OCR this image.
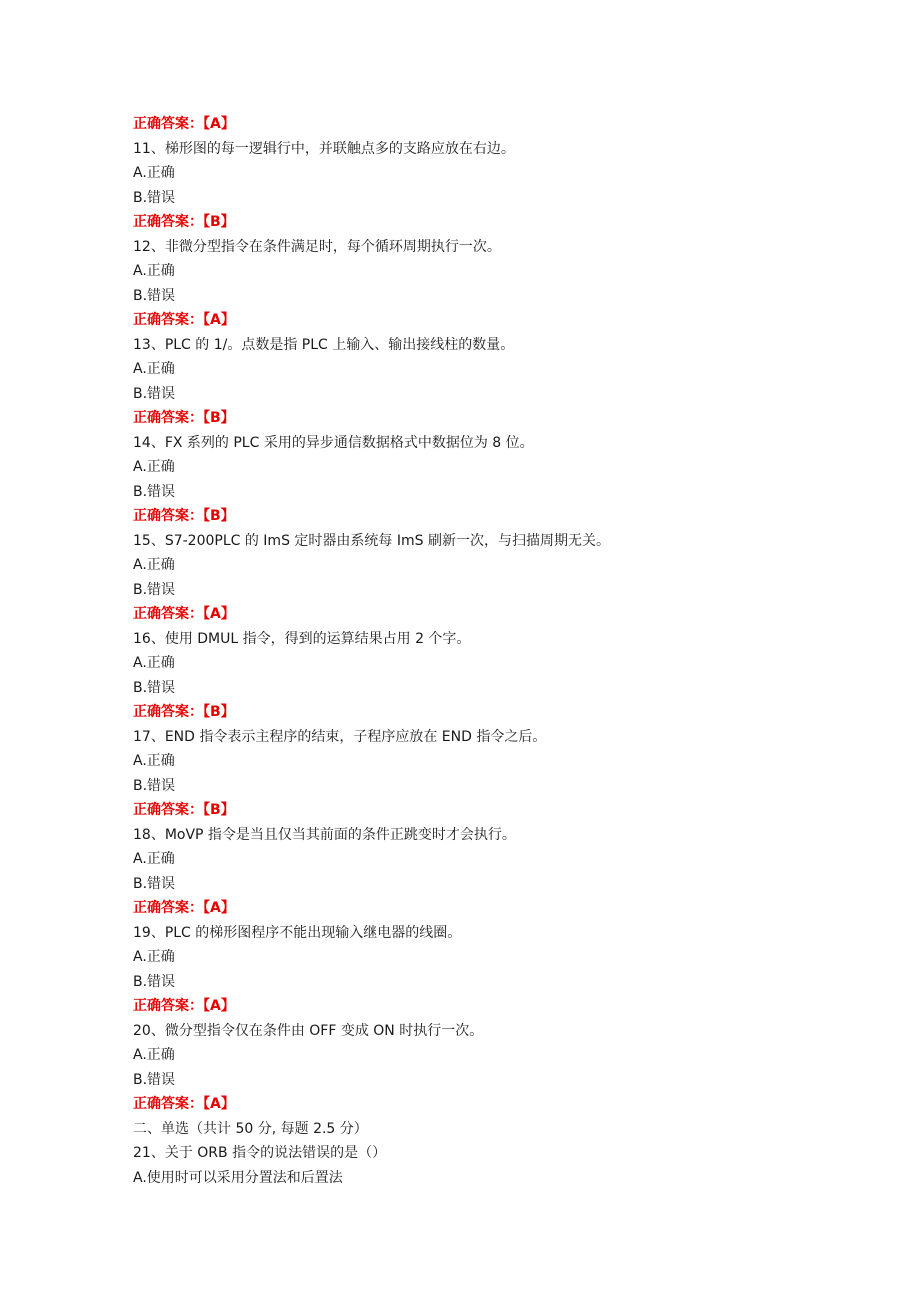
正确答案：【A】
11、梯形图的每一逻辑行中，并联触点多的支路应放在右边。
A.正确
B.错误
正确答案：【B】
12、非微分型指令在条件满足时，每个循环周期执行一次。
A.正确
B.错误
正确答案：【A】
13、PLC 的 1/。点数是指 PLC 上输入、输出接线柱的数量。
A.正确
B.错误
正确答案：【B】
14、FX 系列的 PLC 采用的异步通信数据格式中数据位为 8 位。
A.正确
B.错误
正确答案：【B】
15、S7-200PLC 的 ImS 定时器由系统每 ImS 刷新一次，与扫描周期无关。
A.正确
B.错误
正确答案：【A】
16、使用 DMUL 指令，得到的运算结果占用 2 个字。
A.正确
B.错误
正确答案：【B】
17、END 指令表示主程序的结束，子程序应放在 END 指令之后。
A.正确
B.错误
正确答案：【B】
18、MoVP 指令是当且仅当其前面的条件正跳变时才会执行。
A.正确
B.错误
正确答案：【A】
19、PLC 的梯形图程序不能出现输入继电器的线圈。
A.正确
B.错误
正确答案：【A】
20、微分型指令仅在条件由 OFF 变成 ON 时执行一次。
A.正确
B.错误
正确答案：【A】
二、单选（共计 50 分, 每题 2.5 分）
21、关于 ORB 指令的说法错误的是（）
A.使用时可以采用分置法和后置法
